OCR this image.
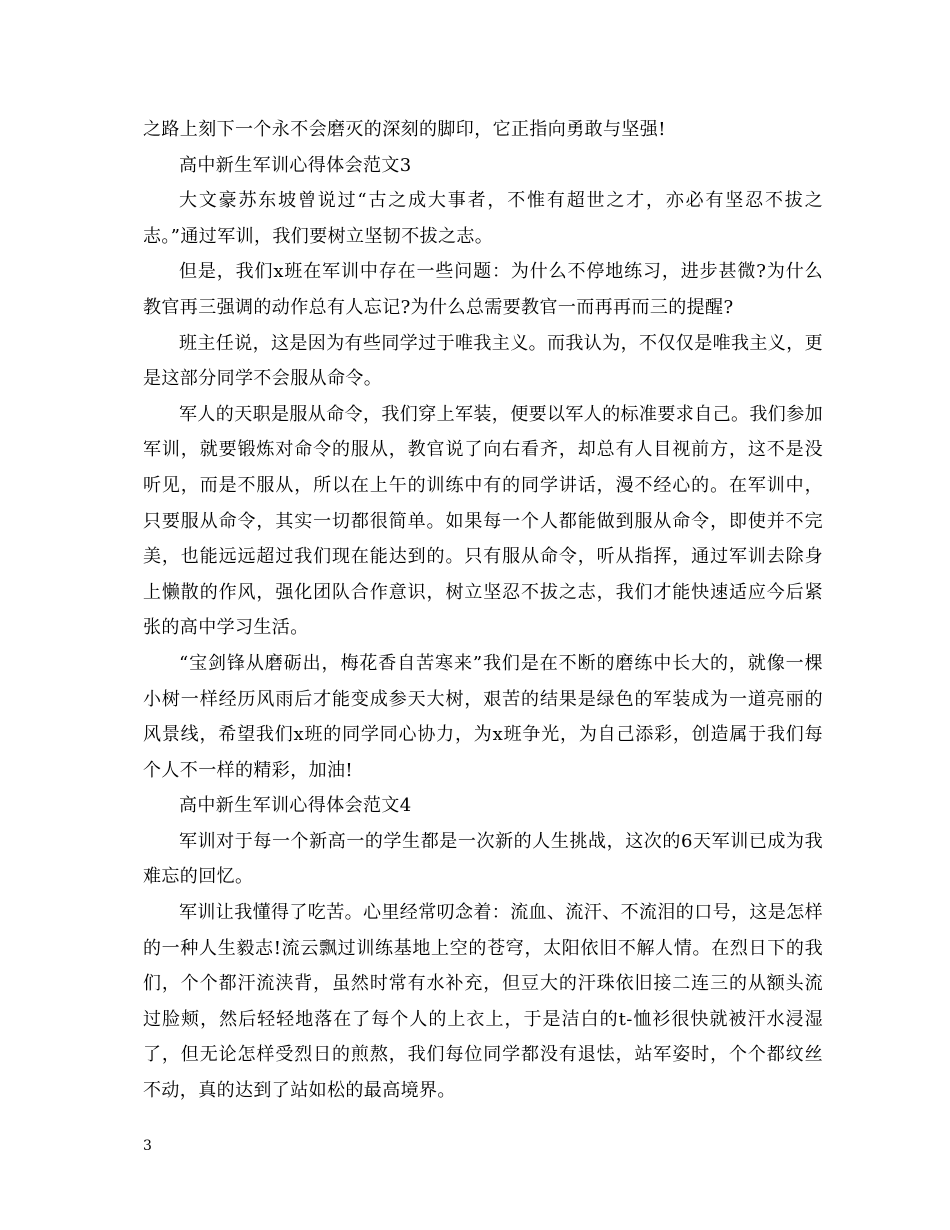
之路上刻下一个永不会磨灭的深刻的脚印，它正指向勇敢与坚强!

高中新生军训心得体会范文3

大文豪苏东坡曾说过“古之成大事者，不惟有超世之才，亦必有坚忍不拔之志。”通过军训，我们要树立坚韧不拔之志。

但是，我们x班在军训中存在一些问题：为什么不停地练习，进步甚微?为什么教官再三强调的动作总有人忘记?为什么总需要教官一而再再而三的提醒?

班主任说，这是因为有些同学过于唯我主义。而我认为，不仅仅是唯我主义，更是这部分同学不会服从命令。

军人的天职是服从命令，我们穿上军装，便要以军人的标准要求自己。我们参加军训，就要锻炼对命令的服从，教官说了向右看齐，却总有人目视前方，这不是没听见，而是不服从，所以在上午的训练中有的同学讲话，漫不经心的。在军训中，只要服从命令，其实一切都很简单。如果每一个人都能做到服从命令，即使并不完美，也能远远超过我们现在能达到的。只有服从命令，听从指挥，通过军训去除身上懒散的作风，强化团队合作意识，树立坚忍不拔之志，我们才能快速适应今后紧张的高中学习生活。

“宝剑锋从磨砺出，梅花香自苦寒来”我们是在不断的磨练中长大的，就像一棵小树一样经历风雨后才能变成参天大树，艰苦的结果是绿色的军装成为一道亮丽的风景线，希望我们x班的同学同心协力，为x班争光，为自己添彩，创造属于我们每个人不一样的精彩，加油!

高中新生军训心得体会范文4

军训对于每一个新高一的学生都是一次新的人生挑战，这次的6天军训已成为我难忘的回忆。

军训让我懂得了吃苦。心里经常叨念着：流血、流汗、不流泪的口号，这是怎样的一种人生毅志!流云飘过训练基地上空的苍穹，太阳依旧不解人情。在烈日下的我们，个个都汗流浃背，虽然时常有水补充，但豆大的汗珠依旧接二连三的从额头流过脸颊，然后轻轻地落在了每个人的上衣上，于是洁白的t-恤衫很快就被汗水浸湿了，但无论怎样受烈日的煎熬，我们每位同学都没有退怯，站军姿时，个个都纹丝不动，真的达到了站如松的最高境界。

3
